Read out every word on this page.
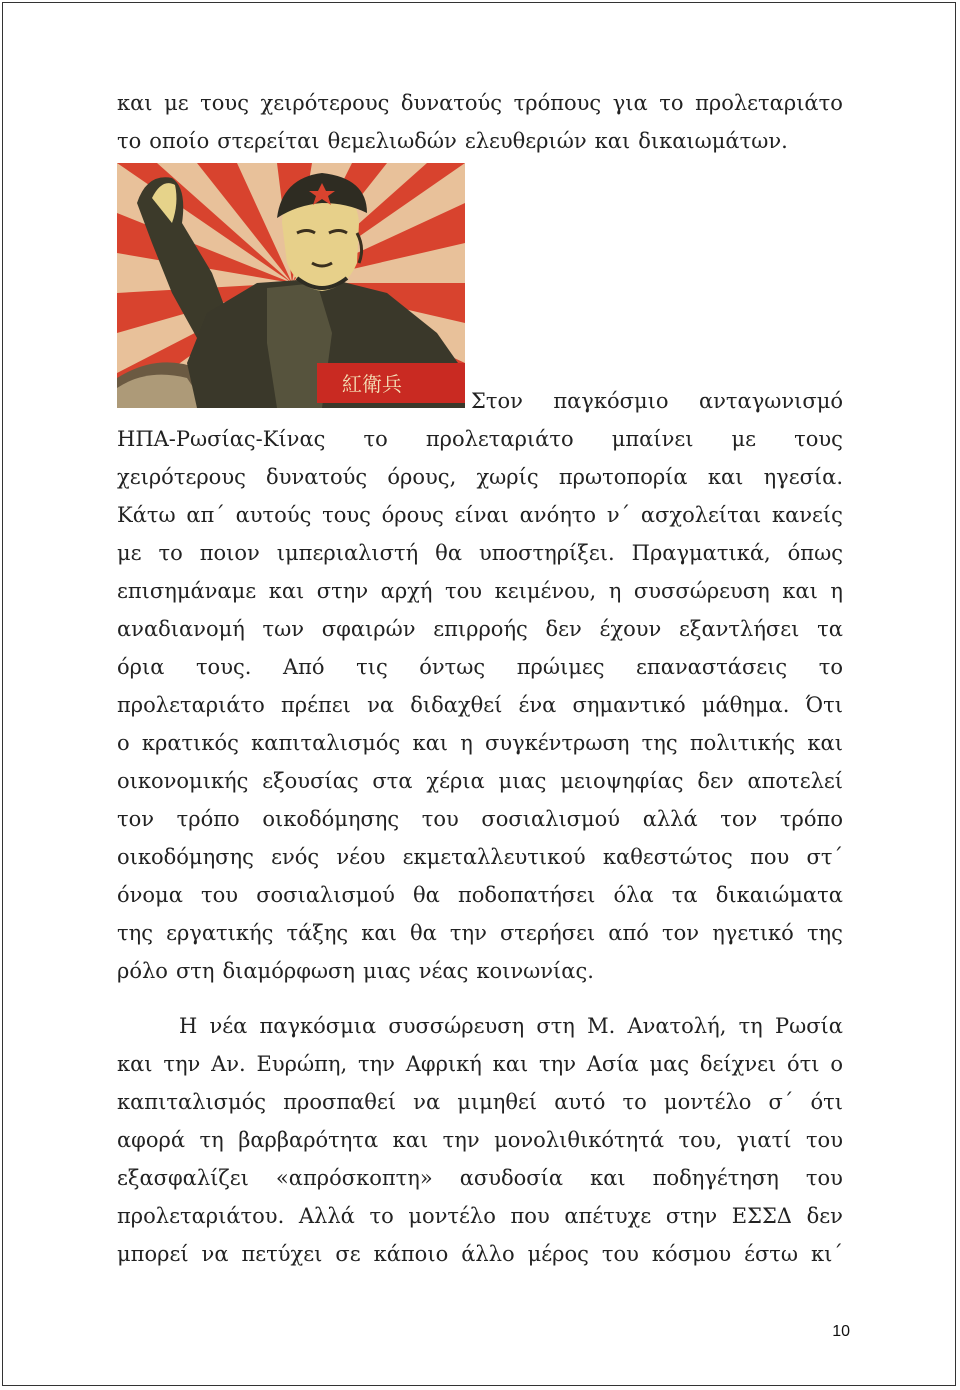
και με τους χειρότερους δυνατούς τρόπους για το προλεταριάτο
το οποίο στερείται θεμελιωδών ελευθεριών και δικαιωμάτων.
紅衛兵
Στον παγκόσμιο ανταγωνισμό
ΗΠΑ-Ρωσίας-Κίνας το προλεταριάτο μπαίνει με τους
χειρότερους δυνατούς όρους, χωρίς πρωτοπορία και ηγεσία.
Κάτω απ΄ αυτούς τους όρους είναι ανόητο ν΄ ασχολείται κανείς
με το ποιον ιμπεριαλιστή θα υποστηρίξει. Πραγματικά, όπως
επισημάναμε και στην αρχή του κειμένου, η συσσώρευση και η
αναδιανομή των σφαιρών επιρροής δεν έχουν εξαντλήσει τα
όρια τους. Από τις όντως πρώιμες επαναστάσεις το
προλεταριάτο πρέπει να διδαχθεί ένα σημαντικό μάθημα. Ότι
ο κρατικός καπιταλισμός και η συγκέντρωση της πολιτικής και
οικονομικής εξουσίας στα χέρια μιας μειοψηφίας δεν αποτελεί
τον τρόπο οικοδόμησης του σοσιαλισμού αλλά τον τρόπο
οικοδόμησης ενός νέου εκμεταλλευτικού καθεστώτος που στ΄
όνομα του σοσιαλισμού θα ποδοπατήσει όλα τα δικαιώματα
της εργατικής τάξης και θα την στερήσει από τον ηγετικό της
ρόλο στη διαμόρφωση μιας νέας κοινωνίας.
Η νέα παγκόσμια συσσώρευση στη Μ. Ανατολή, τη Ρωσία
και την Αν. Ευρώπη, την Αφρική και την Ασία μας δείχνει ότι ο
καπιταλισμός προσπαθεί να μιμηθεί αυτό το μοντέλο σ΄ ότι
αφορά τη βαρβαρότητα και την μονολιθικότητά του, γιατί του
εξασφαλίζει «απρόσκοπτη» ασυδοσία και ποδηγέτηση του
προλεταριάτου. Αλλά το μοντέλο που απέτυχε στην ΕΣΣΔ δεν
μπορεί να πετύχει σε κάποιο άλλο μέρος του κόσμου έστω κι΄
10
